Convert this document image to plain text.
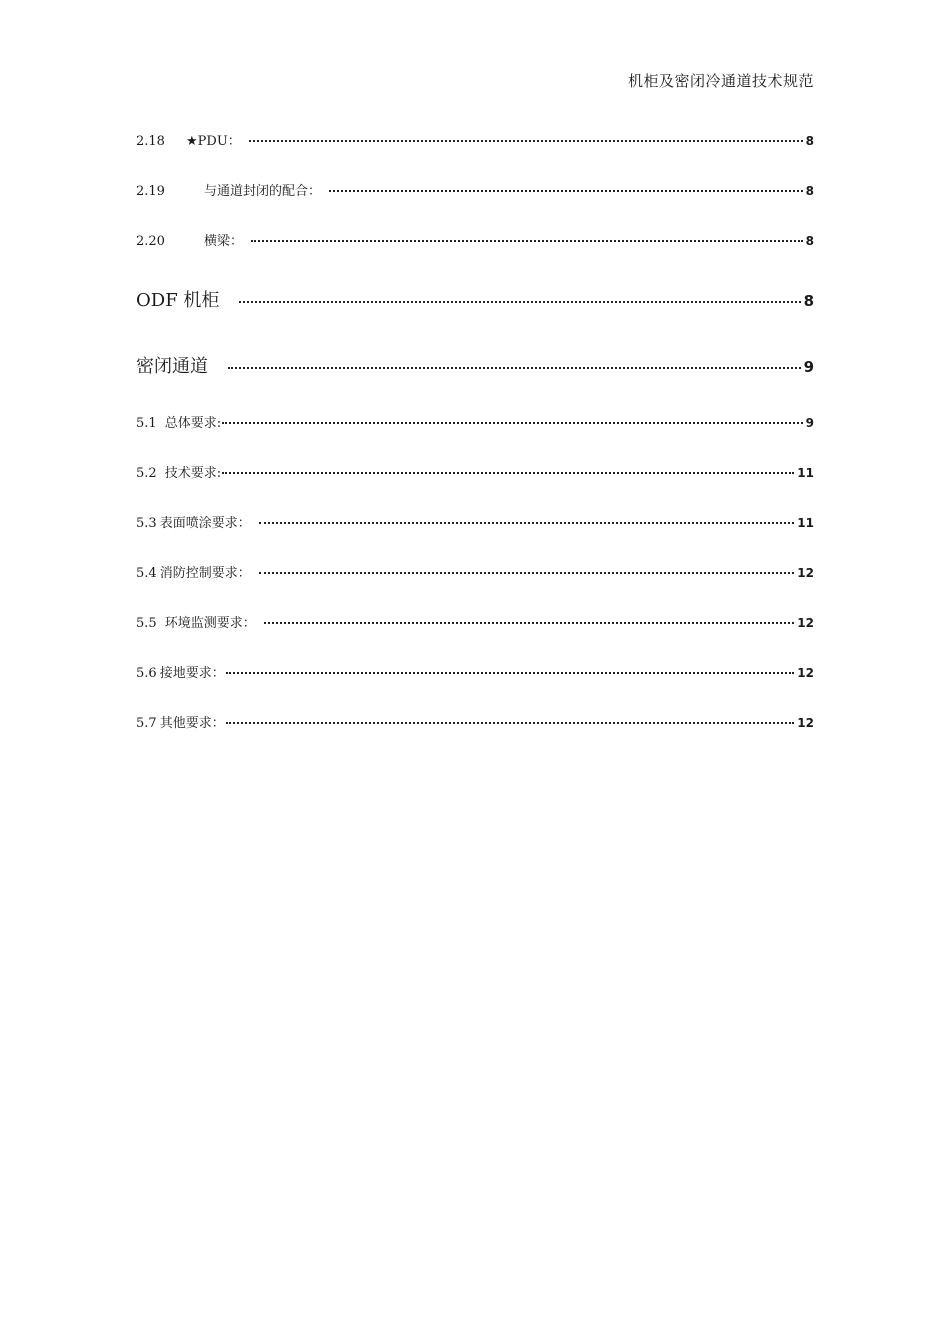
机柜及密闭冷通道技术规范
2.18	★PDU：	8
2.19	与通道封闭的配合：	8
2.20	横梁：	8
ODF 机柜	8
密闭通道	9
5.1 总体要求:	9
5.2 技术要求:	11
5.3 表面喷涂要求：	11
5.4 消防控制要求：	12
5.5 环境监测要求：	12
5.6 接地要求：	12
5.7 其他要求：	12
